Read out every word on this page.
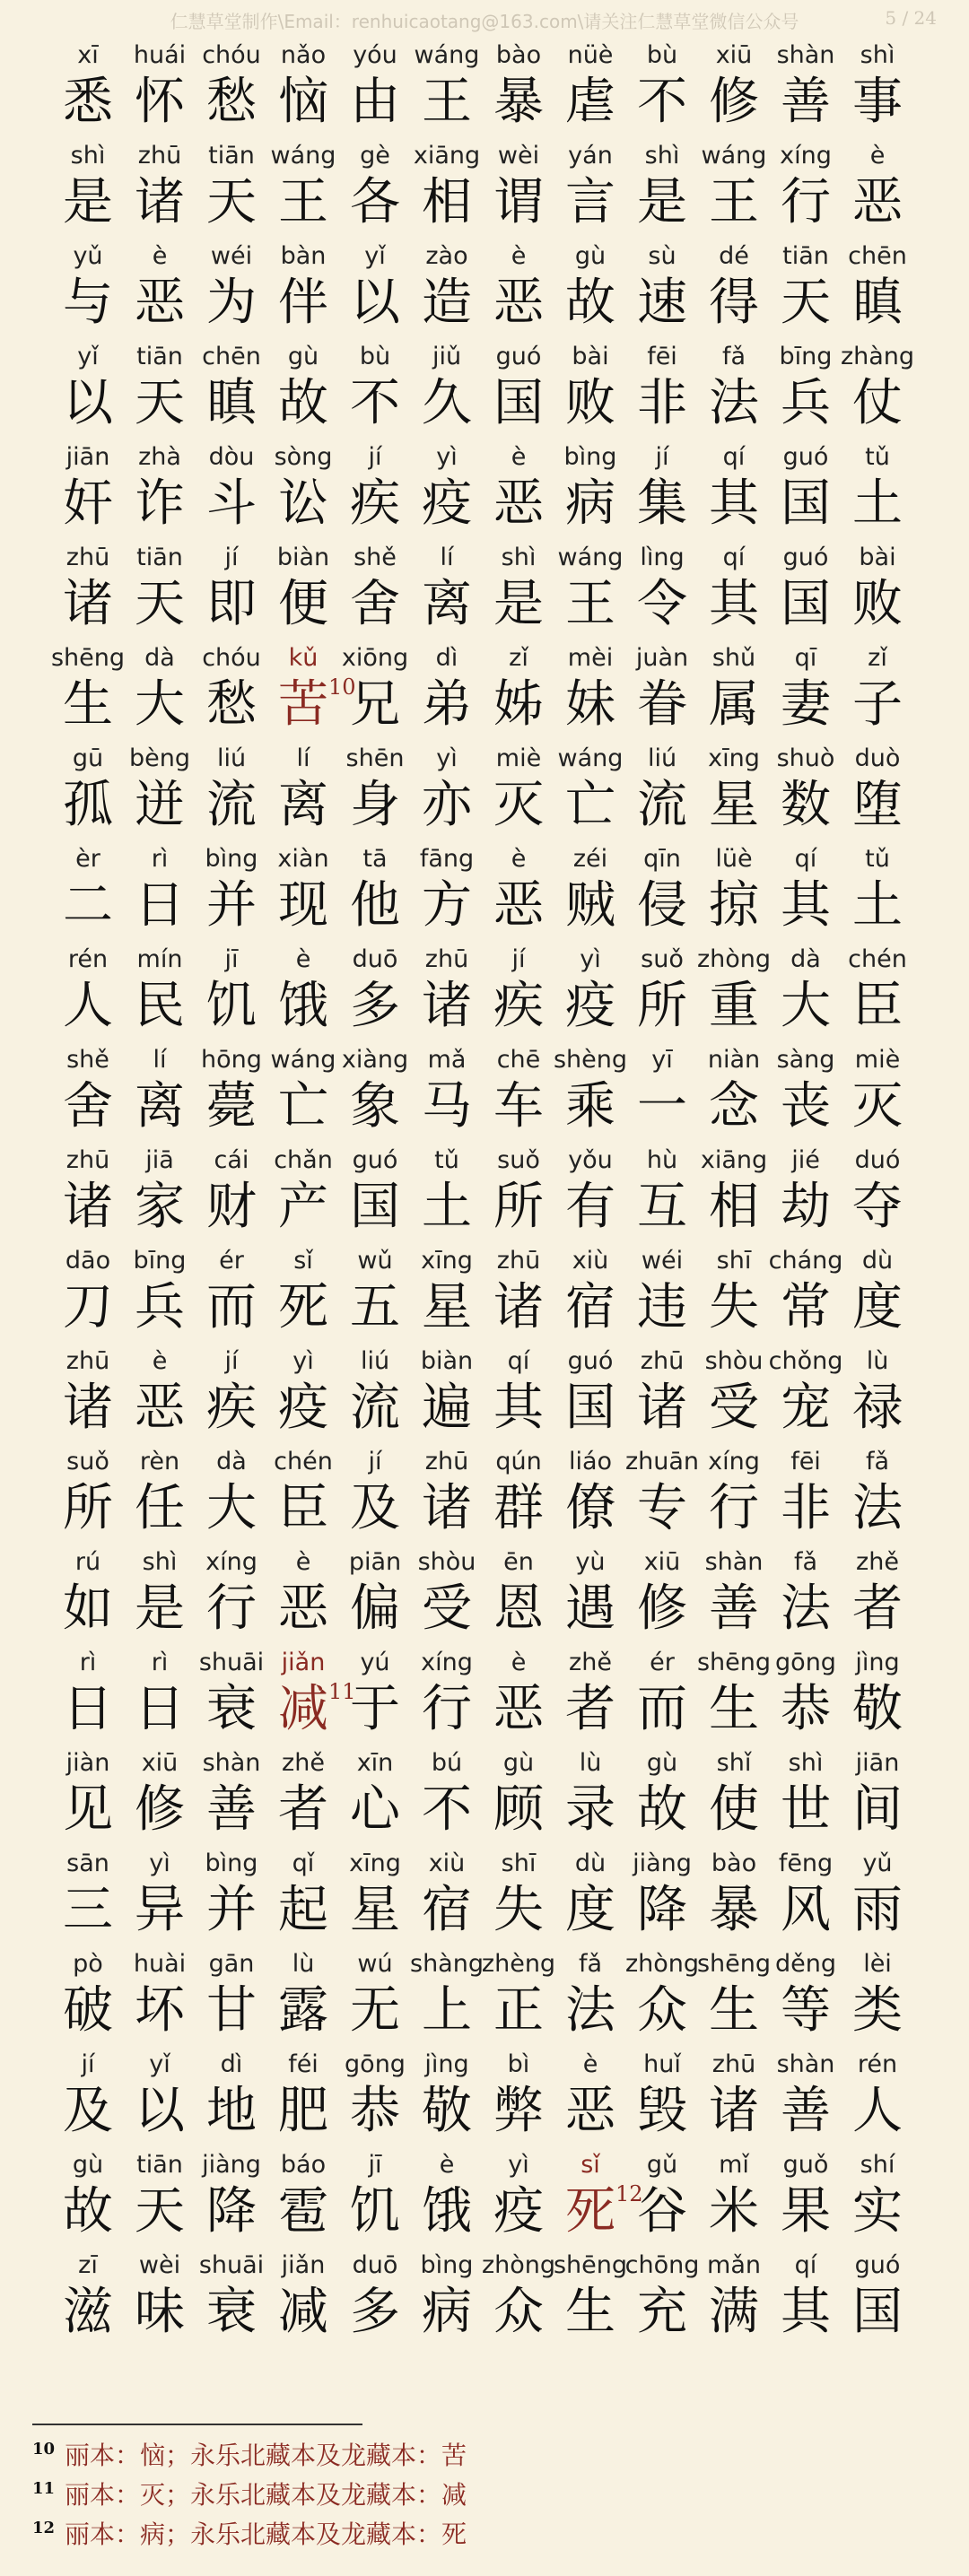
仁慧草堂制作\Email：renhuicaotang@163.com\请关注仁慧草堂微信公众号	5 / 24
xī
悉
huái
怀
chóu
愁
nǎo
恼
yóu
由
wáng
王
bào
暴
nüè
虐
bù
不
xiū
修
shàn
善
shì
事
shì
是
zhū
诸
tiān
天
wáng
王
gè
各
xiāng
相
wèi
谓
yán
言
shì
是
wáng
王
xíng
行
è
恶
yǔ
与
è
恶
wéi
为
bàn
伴
yǐ
以
zào
造
è
恶
gù
故
sù
速
dé
得
tiān
天
chēn
瞋
yǐ
以
tiān
天
chēn
瞋
gù
故
bù
不
jiǔ
久
guó
国
bài
败
fēi
非
fǎ
法
bīng
兵
zhàng
仗
jiān
奸
zhà
诈
dòu
斗
sòng
讼
jí
疾
yì
疫
è
恶
bìng
病
jí
集
qí
其
guó
国
tǔ
土
zhū
诸
tiān
天
jí
即
biàn
便
shě
舍
lí
离
shì
是
wáng
王
lìng
令
qí
其
guó
国
bài
败
shēng
生
dà
大
chóu
愁
kǔ
苦 10
xiōng
兄
dì
弟
zǐ
姊
mèi
妹
juàn
眷
shǔ
属
qī
妻
zǐ
子
gū
孤
bèng
迸
liú
流
lí
离
shēn
身
yì
亦
miè
灭
wáng
亡
liú
流
xīng
星
shuò
数
duò
堕
èr
二
rì
日
bìng
并
xiàn
现
tā
他
fāng
方
è
恶
zéi
贼
qīn
侵
lüè
掠
qí
其
tǔ
土
rén
人
mín
民
jī
饥
è
饿
duō
多
zhū
诸
jí
疾
yì
疫
suǒ
所
zhòng
重
dà
大
chén
臣
shě
舍
lí
离
hōng
薨
wáng
亡
xiàng
象
mǎ
马
chē
车
shèng
乘
yī
一
niàn
念
sàng
丧
miè
灭
zhū
诸
jiā
家
cái
财
chǎn
产
guó
国
tǔ
土
suǒ
所
yǒu
有
hù
互
xiāng
相
jié
劫
duó
夺
dāo
刀
bīng
兵
ér
而
sǐ
死
wǔ
五
xīng
星
zhū
诸
xiù
宿
wéi
违
shī
失
cháng
常
dù
度
zhū
诸
è
恶
jí
疾
yì
疫
liú
流
biàn
遍
qí
其
guó
国
zhū
诸
shòu
受
chǒng
宠
lù
禄
suǒ
所
rèn
任
dà
大
chén
臣
jí
及
zhū
诸
qún
群
liáo
僚
zhuān
专
xíng
行
fēi
非
fǎ
法
rú
如
shì
是
xíng
行
è
恶
piān
偏
shòu
受
ēn
恩
yù
遇
xiū
修
shàn
善
fǎ
法
zhě
者
rì
日
rì
日
shuāi
衰
jiǎn
减 11
yú
于
xíng
行
è
恶
zhě
者
ér
而
shēng
生
gōng
恭
jìng
敬
jiàn
见
xiū
修
shàn
善
zhě
者
xīn
心
bú
不
gù
顾
lù
录
gù
故
shǐ
使
shì
世
jiān
间
sān
三
yì
异
bìng
并
qǐ
起
xīng
星
xiù
宿
shī
失
dù
度
jiàng
降
bào
暴
fēng
风
yǔ
雨
pò
破
huài
坏
gān
甘
lù
露
wú
无
shàng
上
zhèng
正
fǎ
法
zhòng
众
shēng
生
děng
等
lèi
类
jí
及
yǐ
以
dì
地
féi
肥
gōng
恭
jìng
敬
bì
弊
è
恶
huǐ
毁
zhū
诸
shàn
善
rén
人
gù
故
tiān
天
jiàng
降
báo
雹
jī
饥
è
饿
yì
疫
sǐ
死 12
gǔ
谷
mǐ
米
guǒ
果
shí
实
zī
滋
wèi
味
shuāi
衰
jiǎn
减
duō
多
bìng
病
zhòng
众
shēng
生
chōng
充
mǎn
满
qí
其
guó
国
10 丽本：恼；永乐北藏本及龙藏本：苦
11 丽本：灭；永乐北藏本及龙藏本：减
12 丽本：病；永乐北藏本及龙藏本：死
